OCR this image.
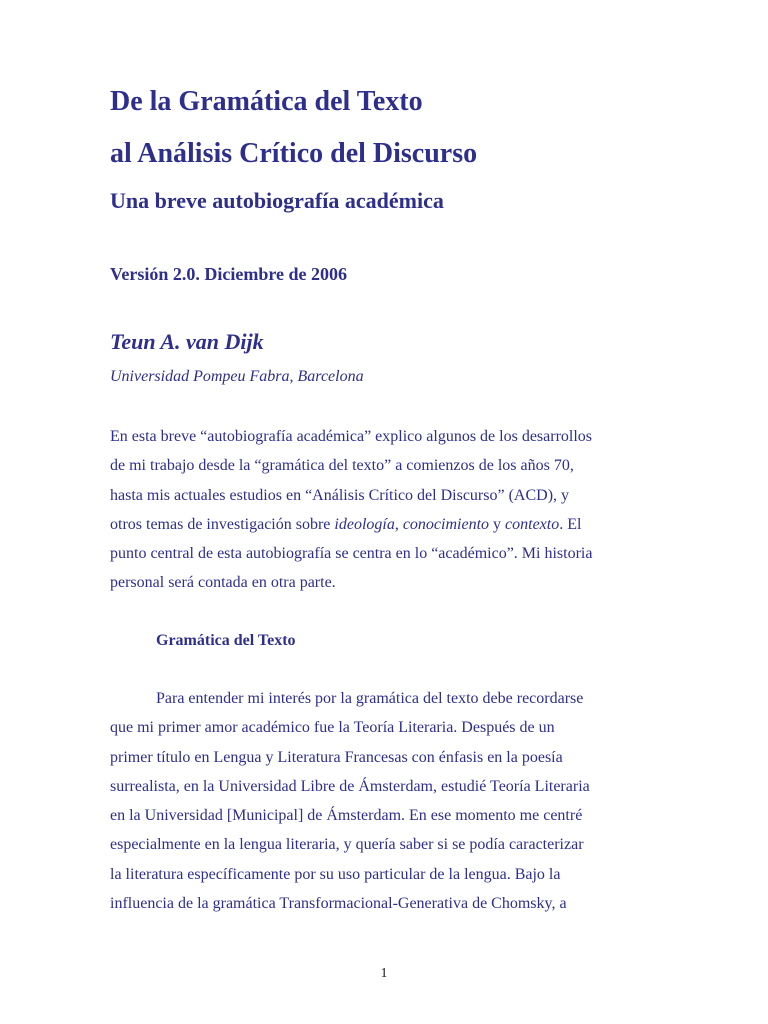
De la Gramática del Texto
al Análisis Crítico del Discurso
Una breve autobiografía académica
Versión 2.0. Diciembre de 2006
Teun A. van Dijk
Universidad Pompeu Fabra, Barcelona

En esta breve “autobiografía académica” explico algunos de los desarrollos
de mi trabajo desde la “gramática del texto” a comienzos de los años 70,
hasta mis actuales estudios en “Análisis Crítico del Discurso” (ACD), y
otros temas de investigación sobre ideología, conocimiento y contexto. El
punto central de esta autobiografía se centra en lo “académico”. Mi historia
personal será contada en otra parte.

Gramática del Texto

Para entender mi interés por la gramática del texto debe recordarse
que mi primer amor académico fue la Teoría Literaria. Después de un
primer título en Lengua y Literatura Francesas con énfasis en la poesía
surrealista, en la Universidad Libre de Ámsterdam, estudié Teoría Literaria
en la Universidad [Municipal] de Ámsterdam. En ese momento me centré
especialmente en la lengua literaria, y quería saber si se podía caracterizar
la literatura específicamente por su uso particular de la lengua. Bajo la
influencia de la gramática Transformacional-Generativa de Chomsky, a

1
